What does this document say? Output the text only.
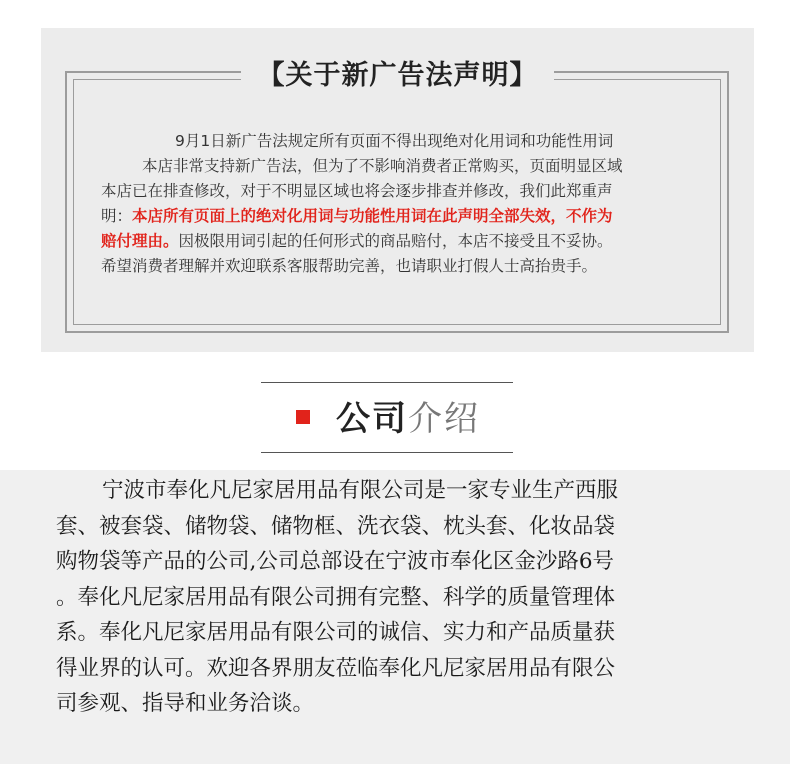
【关于新广告法声明】

9月1日新广告法规定所有页面不得出现绝对化用词和功能性用词

本店非常支持新广告法，但为了不影响消费者正常购买，页面明显区域

本店已在排查修改，对于不明显区域也将会逐步排查并修改，我们此郑重声

明：本店所有页面上的绝对化用词与功能性用词在此声明全部失效，不作为

赔付理由。因极限用词引起的任何形式的商品赔付，本店不接受且不妥协。

希望消费者理解并欢迎联系客服帮助完善，也请职业打假人士高抬贵手。

公司介绍

宁波市奉化凡尼家居用品有限公司是一家专业生产西服

套、被套袋、储物袋、储物框、洗衣袋、枕头套、化妆品袋

购物袋等产品的公司,公司总部设在宁波市奉化区金沙路6号

。奉化凡尼家居用品有限公司拥有完整、科学的质量管理体

系。奉化凡尼家居用品有限公司的诚信、实力和产品质量获

得业界的认可。欢迎各界朋友莅临奉化凡尼家居用品有限公

司参观、指导和业务洽谈。
